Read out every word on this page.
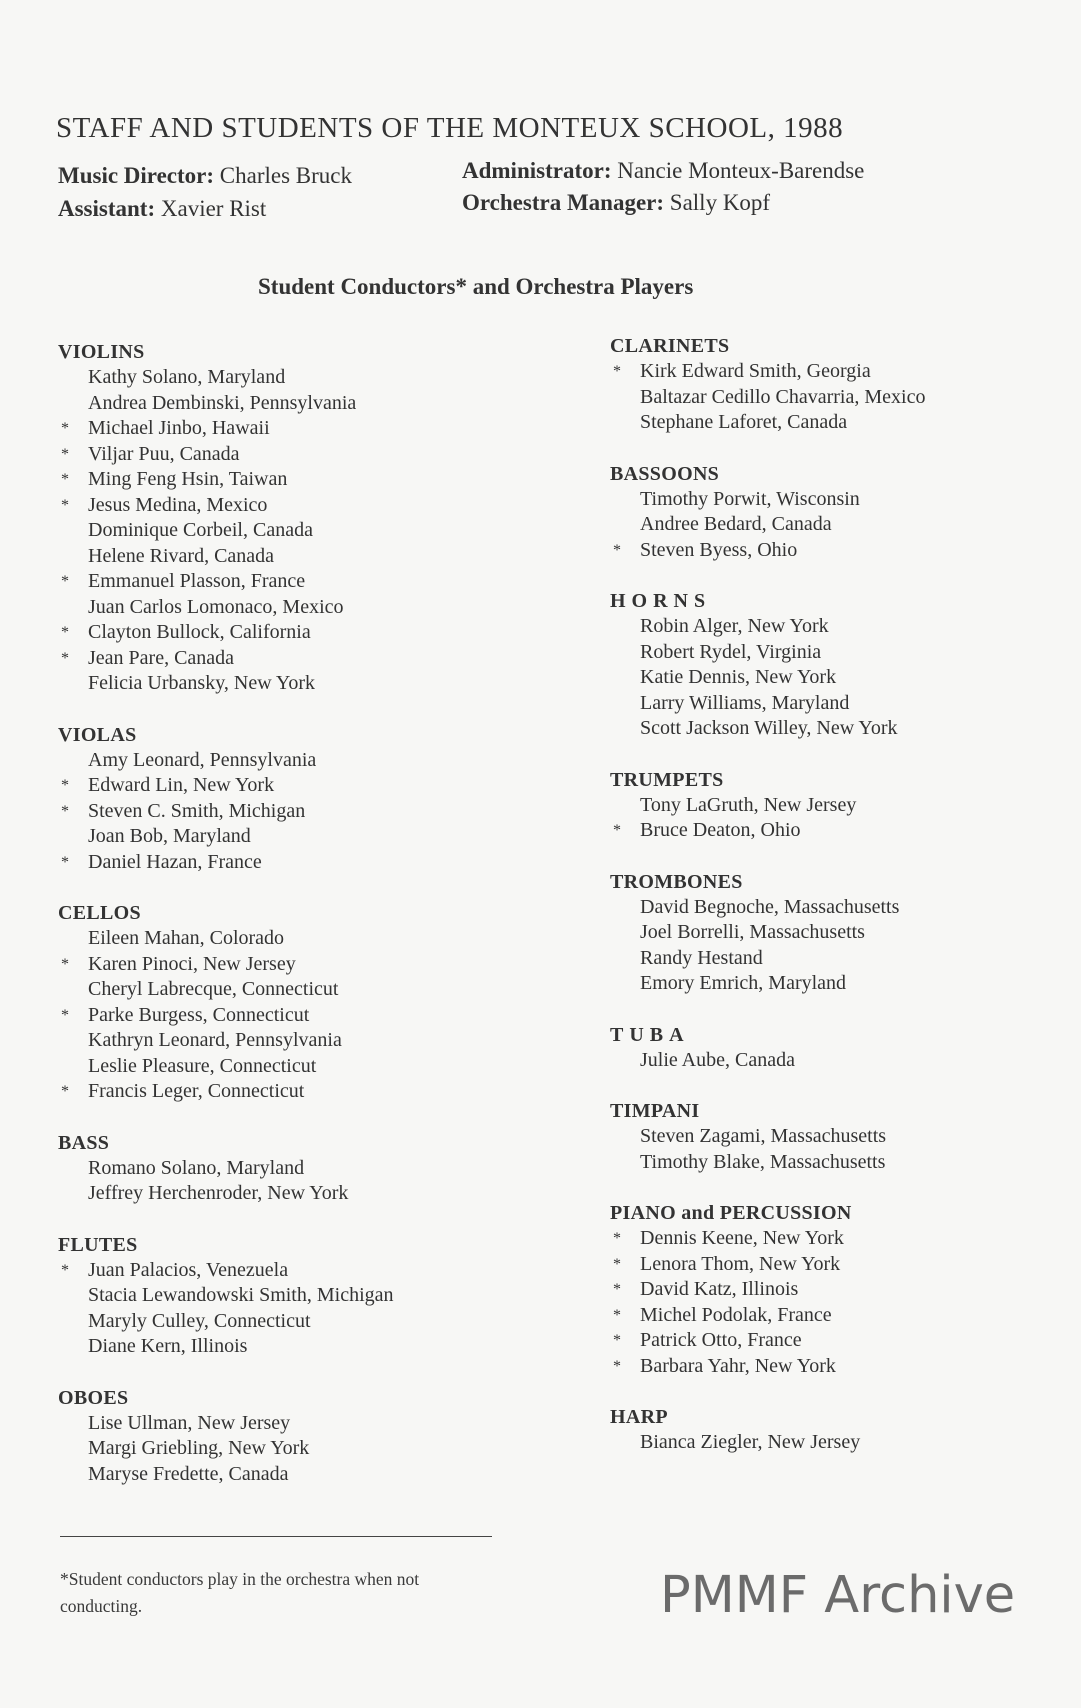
STAFF AND STUDENTS OF THE MONTEUX SCHOOL, 1988
Music Director: Charles Bruck
Assistant: Xavier Rist
Administrator: Nancie Monteux-Barendse
Orchestra Manager: Sally Kopf
Student Conductors* and Orchestra Players
VIOLINS
Kathy Solano, Maryland
Andrea Dembinski, Pennsylvania
* Michael Jinbo, Hawaii
* Viljar Puu, Canada
* Ming Feng Hsin, Taiwan
* Jesus Medina, Mexico
Dominique Corbeil, Canada
Helene Rivard, Canada
* Emmanuel Plasson, France
Juan Carlos Lomonaco, Mexico
* Clayton Bullock, California
* Jean Pare, Canada
Felicia Urbansky, New York
VIOLAS
Amy Leonard, Pennsylvania
* Edward Lin, New York
* Steven C. Smith, Michigan
Joan Bob, Maryland
* Daniel Hazan, France
CELLOS
Eileen Mahan, Colorado
* Karen Pinoci, New Jersey
Cheryl Labrecque, Connecticut
* Parke Burgess, Connecticut
Kathryn Leonard, Pennsylvania
Leslie Pleasure, Connecticut
* Francis Leger, Connecticut
BASS
Romano Solano, Maryland
Jeffrey Herchenroder, New York
FLUTES
* Juan Palacios, Venezuela
Stacia Lewandowski Smith, Michigan
Maryly Culley, Connecticut
Diane Kern, Illinois
OBOES
Lise Ullman, New Jersey
Margi Griebling, New York
Maryse Fredette, Canada
CLARINETS
* Kirk Edward Smith, Georgia
Baltazar Cedillo Chavarria, Mexico
Stephane Laforet, Canada
BASSOONS
Timothy Porwit, Wisconsin
Andree Bedard, Canada
* Steven Byess, Ohio
HORNS
Robin Alger, New York
Robert Rydel, Virginia
Katie Dennis, New York
Larry Williams, Maryland
Scott Jackson Willey, New York
TRUMPETS
Tony LaGruth, New Jersey
* Bruce Deaton, Ohio
TROMBONES
David Begnoche, Massachusetts
Joel Borrelli, Massachusetts
Randy Hestand
Emory Emrich, Maryland
TUBA
Julie Aube, Canada
TIMPANI
Steven Zagami, Massachusetts
Timothy Blake, Massachusetts
PIANO and PERCUSSION
* Dennis Keene, New York
* Lenora Thom, New York
* David Katz, Illinois
* Michel Podolak, France
* Patrick Otto, France
* Barbara Yahr, New York
HARP
Bianca Ziegler, New Jersey
*Student conductors play in the orchestra when not conducting.	PMMF Archive
